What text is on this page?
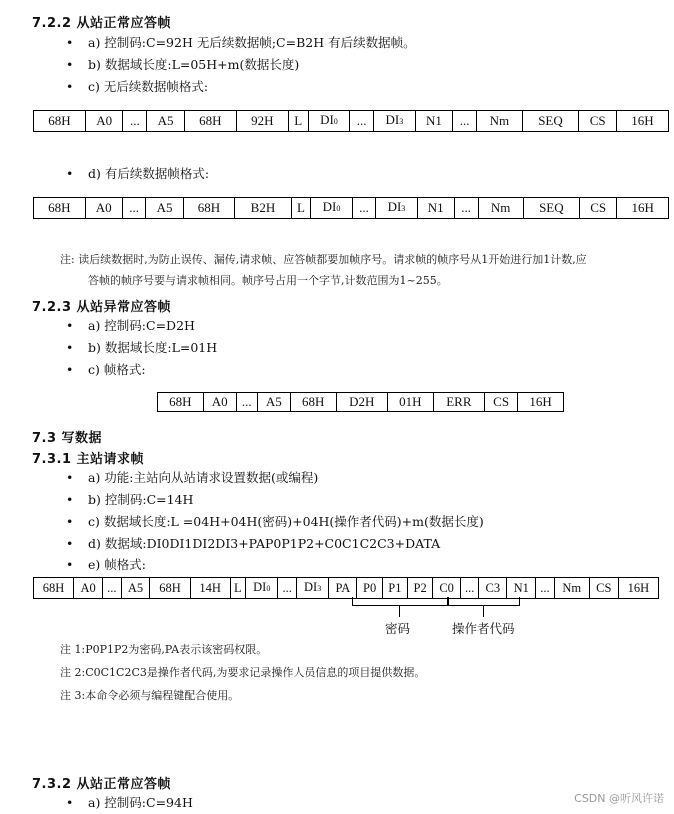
7.2.2 从站正常应答帧
• a) 控制码:C=92H 无后续数据帧;C=B2H 有后续数据帧。
• b) 数据域长度:L=05H+m(数据长度)
• c) 无后续数据帧格式:
68H	A0	...	A5	68H	92H	L	DI0	...	DI3	N1	...	Nm	SEQ	CS	16H
• d) 有后续数据帧格式:
68H	A0	...	A5	68H	B2H	L	DI0	...	DI3	N1	...	Nm	SEQ	CS	16H
注: 读后续数据时,为防止误传、漏传,请求帧、应答帧都要加帧序号。请求帧的帧序号从1开始进行加1计数,应
答帧的帧序号要与请求帧相同。帧序号占用一个字节,计数范围为1~255。
7.2.3 从站异常应答帧
• a) 控制码:C=D2H
• b) 数据域长度:L=01H
• c) 帧格式:
68H	A0	...	A5	68H	D2H	01H	ERR	CS	16H
7.3 写数据
7.3.1 主站请求帧
• a) 功能:主站向从站请求设置数据(或编程)
• b) 控制码:C=14H
• c) 数据域长度:L =04H+04H(密码)+04H(操作者代码)+m(数据长度)
• d) 数据域:DI0DI1DI2DI3+PAP0P1P2+C0C1C2C3+DATA
• e) 帧格式:
68H	A0	...	A5	68H	14H	L	DI0	...	DI3	PA	P0	P1	P2	C0	...	C3	N1	...	Nm	CS	16H
密码	操作者代码
注 1:P0P1P2为密码,PA表示该密码权限。
注 2:C0C1C2C3是操作者代码,为要求记录操作人员信息的项目提供数据。
注 3:本命令必须与编程键配合使用。
7.3.2 从站正常应答帧
• a) 控制码:C=94H	CSDN @听风许诺
